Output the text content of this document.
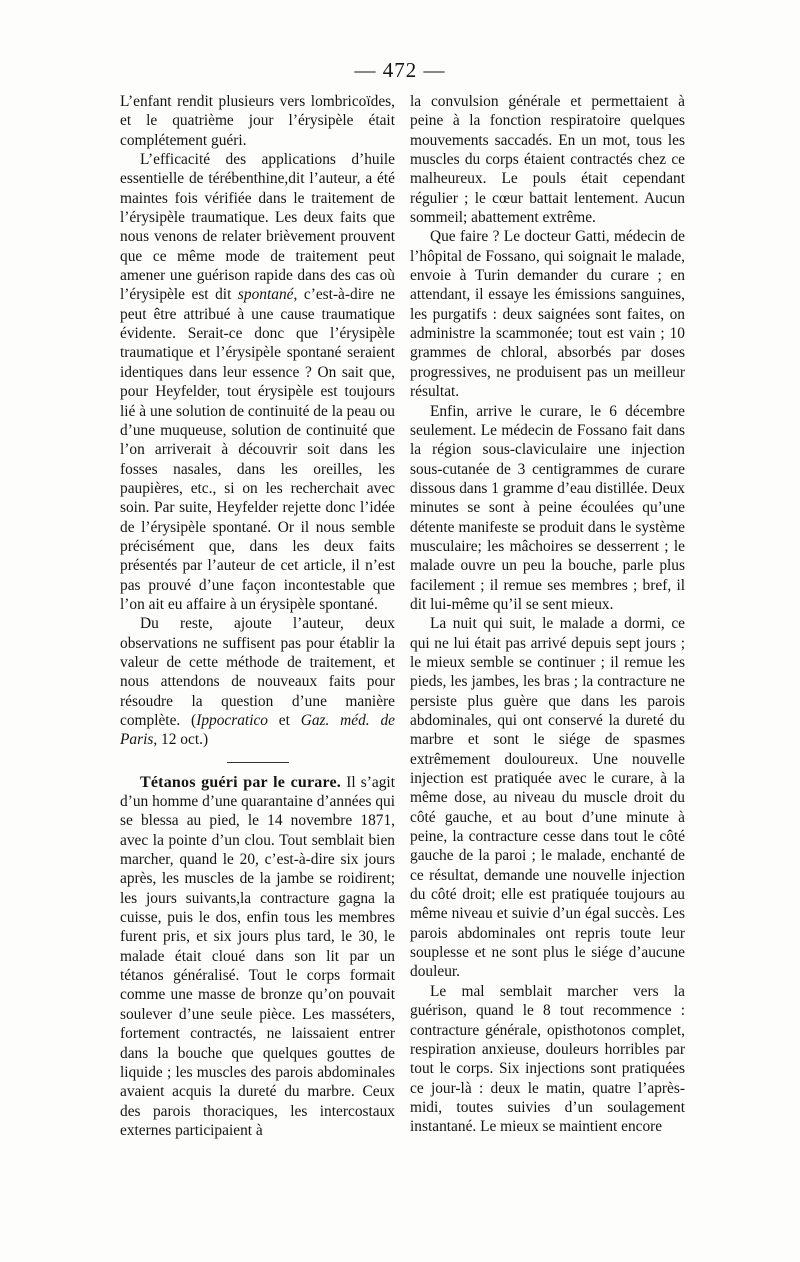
— 472 —

L’enfant rendit plusieurs vers lombricoïdes, et le quatrième jour l’érysipèle était complétement guéri.

L’efficacité des applications d’huile essentielle de térébenthine,dit l’auteur, a été maintes fois vérifiée dans le traitement de l’érysipèle traumatique. Les deux faits que nous venons de relater brièvement prouvent que ce même mode de traitement peut amener une guérison rapide dans des cas où l’érysipèle est dit spontané, c’est-à-dire ne peut être attribué à une cause traumatique évidente. Serait-ce donc que l’érysipèle traumatique et l’érysipèle spontané seraient identiques dans leur essence ? On sait que, pour Heyfelder, tout érysipèle est toujours lié à une solution de continuité de la peau ou d’une muqueuse, solution de continuité que l’on arriverait à découvrir soit dans les fosses nasales, dans les oreilles, les paupières, etc., si on les recherchait avec soin. Par suite, Heyfelder rejette donc l’idée de l’érysipèle spontané. Or il nous semble précisément que, dans les deux faits présentés par l’auteur de cet article, il n’est pas prouvé d’une façon incontestable que l’on ait eu affaire à un érysipèle spontané.

Du reste, ajoute l’auteur, deux observations ne suffisent pas pour établir la valeur de cette méthode de traitement, et nous attendons de nouveaux faits pour résoudre la question d’une manière complète. (Ippocratico et Gaz. méd. de Paris, 12 oct.)

Tétanos guéri par le curare. Il s’agit d’un homme d’une quarantaine d’années qui se blessa au pied, le 14 novembre 1871, avec la pointe d’un clou. Tout semblait bien marcher, quand le 20, c’est-à-dire six jours après, les muscles de la jambe se roidirent; les jours suivants,la contracture gagna la cuisse, puis le dos, enfin tous les membres furent pris, et six jours plus tard, le 30, le malade était cloué dans son lit par un tétanos généralisé. Tout le corps formait comme une masse de bronze qu’on pouvait soulever d’une seule pièce. Les masséters, fortement contractés, ne laissaient entrer dans la bouche que quelques gouttes de liquide ; les muscles des parois abdominales avaient acquis la dureté du marbre. Ceux des parois thoraciques, les intercostaux externes participaient à

la convulsion générale et permettaient à peine à la fonction respiratoire quelques mouvements saccadés. En un mot, tous les muscles du corps étaient contractés chez ce malheureux. Le pouls était cependant régulier ; le cœur battait lentement. Aucun sommeil; abattement extrême.

Que faire ? Le docteur Gatti, médecin de l’hôpital de Fossano, qui soignait le malade, envoie à Turin demander du curare ; en attendant, il essaye les émissions sanguines, les purgatifs : deux saignées sont faites, on administre la scammonée; tout est vain ; 10 grammes de chloral, absorbés par doses progressives, ne produisent pas un meilleur résultat.

Enfin, arrive le curare, le 6 décembre seulement. Le médecin de Fossano fait dans la région sous-claviculaire une injection sous-cutanée de 3 centigrammes de curare dissous dans 1 gramme d’eau distillée. Deux minutes se sont à peine écoulées qu’une détente manifeste se produit dans le système musculaire; les mâchoires se desserrent ; le malade ouvre un peu la bouche, parle plus facilement ; il remue ses membres ; bref, il dit lui-même qu’il se sent mieux.

La nuit qui suit, le malade a dormi, ce qui ne lui était pas arrivé depuis sept jours ; le mieux semble se continuer ; il remue les pieds, les jambes, les bras ; la contracture ne persiste plus guère que dans les parois abdominales, qui ont conservé la dureté du marbre et sont le siége de spasmes extrêmement douloureux. Une nouvelle injection est pratiquée avec le curare, à la même dose, au niveau du muscle droit du côté gauche, et au bout d’une minute à peine, la contracture cesse dans tout le côté gauche de la paroi ; le malade, enchanté de ce résultat, demande une nouvelle injection du côté droit; elle est pratiquée toujours au même niveau et suivie d’un égal succès. Les parois abdominales ont repris toute leur souplesse et ne sont plus le siége d’aucune douleur.

Le mal semblait marcher vers la guérison, quand le 8 tout recommence : contracture générale, opisthotonos complet, respiration anxieuse, douleurs horribles par tout le corps. Six injections sont pratiquées ce jour-là : deux le matin, quatre l’après-midi, toutes suivies d’un soulagement instantané. Le mieux se maintient encore
